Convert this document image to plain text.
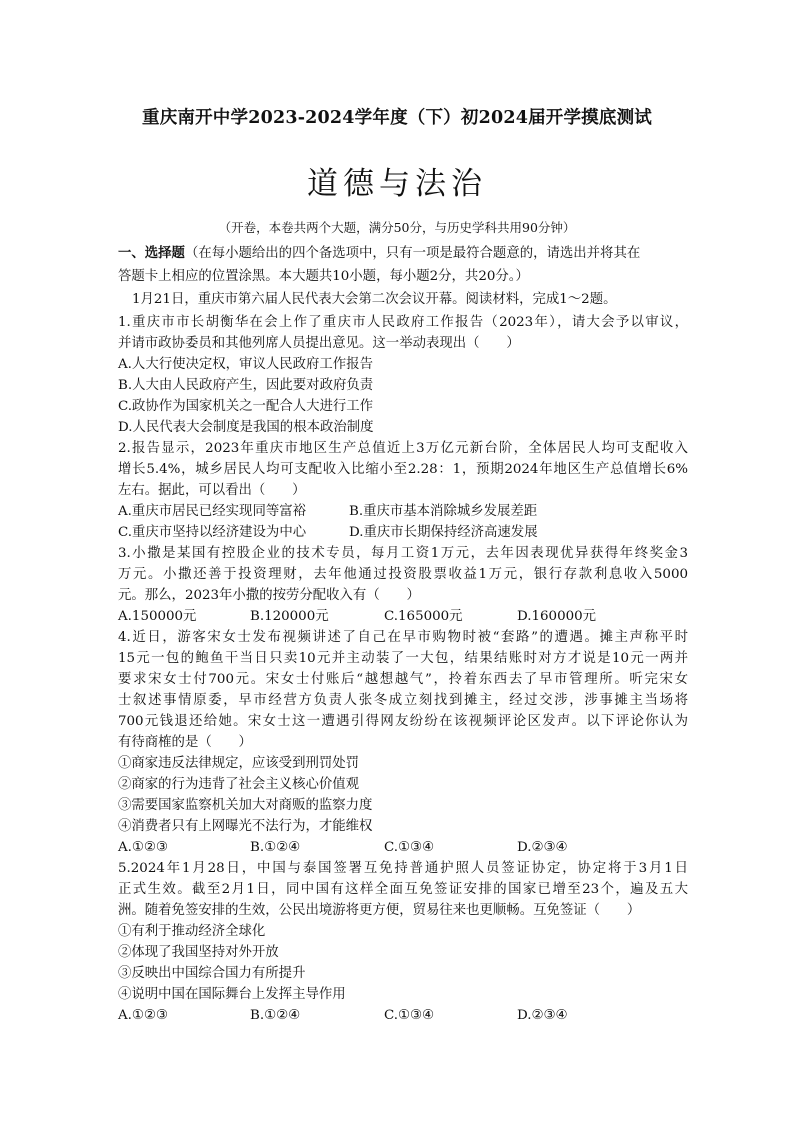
重庆南开中学2023-2024学年度（下）初2024届开学摸底测试
道德与法治
（开卷，本卷共两个大题，满分50分，与历史学科共用90分钟）
一、选择题（在每小题给出的四个备选项中，只有一项是最符合题意的，请选出并将其在
答题卡上相应的位置涂黑。本大题共10小题，每小题2分，共20分。）
1月21日，重庆市第六届人民代表大会第二次会议开幕。阅读材料，完成1～2题。
1.重庆市市长胡衡华在会上作了重庆市人民政府工作报告（2023年），请大会予以审议，
并请市政协委员和其他列席人员提出意见。这一举动表现出（　　）
A.人大行使决定权，审议人民政府工作报告
B.人大由人民政府产生，因此要对政府负责
C.政协作为国家机关之一配合人大进行工作
D.人民代表大会制度是我国的根本政治制度
2.报告显示，2023年重庆市地区生产总值近上3万亿元新台阶，全体居民人均可支配收入
增长5.4%，城乡居民人均可支配收入比缩小至2.28：1，预期2024年地区生产总值增长6%
左右。据此，可以看出（　　）
A.重庆市居民已经实现同等富裕	B.重庆市基本消除城乡发展差距
C.重庆市坚持以经济建设为中心	D.重庆市长期保持经济高速发展
3.小撒是某国有控股企业的技术专员，每月工资1万元，去年因表现优异获得年终奖金3
万元。小撒还善于投资理财，去年他通过投资股票收益1万元，银行存款利息收入5000
元。那么，2023年小撒的按劳分配收入有（　　）
A.150000元	B.120000元	C.165000元	D.160000元
4.近日，游客宋女士发布视频讲述了自己在早市购物时被“套路”的遭遇。摊主声称平时
15元一包的鲍鱼干当日只卖10元并主动装了一大包，结果结账时对方才说是10元一两并
要求宋女士付700元。宋女士付账后“越想越气”，拎着东西去了早市管理所。听完宋女
士叙述事情原委，早市经营方负责人张冬成立刻找到摊主，经过交涉，涉事摊主当场将
700元钱退还给她。宋女士这一遭遇引得网友纷纷在该视频评论区发声。以下评论你认为
有待商榷的是（　　）
①商家违反法律规定，应该受到刑罚处罚
②商家的行为违背了社会主义核心价值观
③需要国家监察机关加大对商贩的监察力度
④消费者只有上网曝光不法行为，才能维权
A.①②③	B.①②④	C.①③④	D.②③④
5.2024年1月28日，中国与泰国签署互免持普通护照人员签证协定，协定将于3月1日
正式生效。截至2月1日，同中国有这样全面互免签证安排的国家已增至23个，遍及五大
洲。随着免签安排的生效，公民出境游将更方便，贸易往来也更顺畅。互免签证（　　）
①有利于推动经济全球化
②体现了我国坚持对外开放
③反映出中国综合国力有所提升
④说明中国在国际舞台上发挥主导作用
A.①②③	B.①②④	C.①③④	D.②③④
